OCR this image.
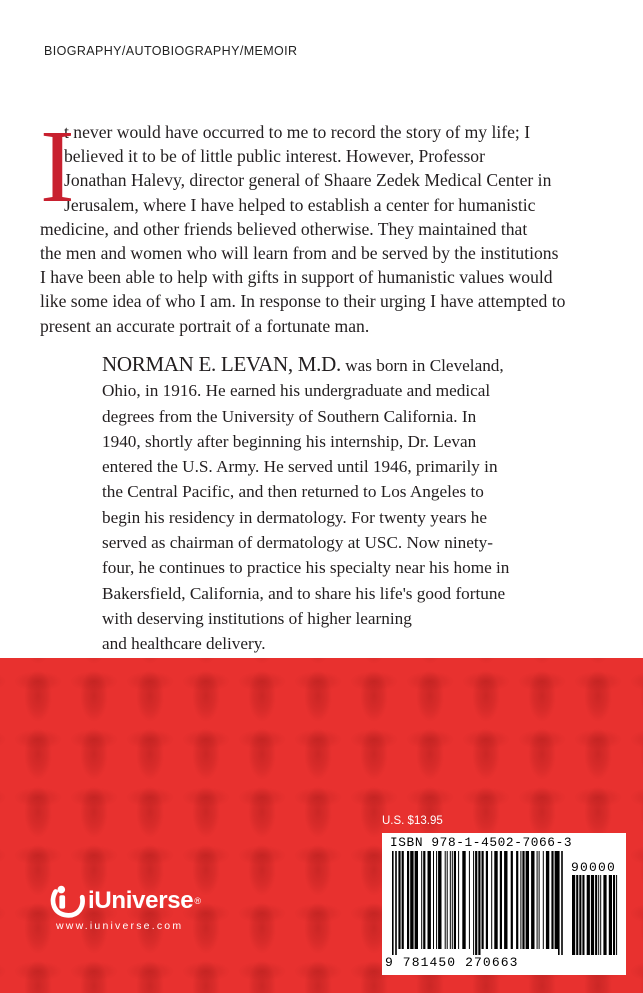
BIOGRAPHY/AUTOBIOGRAPHY/MEMOIR
I
t never would have occurred to me to record the story of my life; I
believed it to be of little public interest. However, Professor
Jonathan Halevy, director general of Shaare Zedek Medical Center in
Jerusalem, where I have helped to establish a center for humanistic
medicine, and other friends believed otherwise. They maintained that
the men and women who will learn from and be served by the institutions
I have been able to help with gifts in support of humanistic values would
like some idea of who I am. In response to their urging I have attempted to
present an accurate portrait of a fortunate man.
NORMAN E. LEVAN, M.D. was born in Cleveland,
Ohio, in 1916. He earned his undergraduate and medical
degrees from the University of Southern California. In
1940, shortly after beginning his internship, Dr. Levan
entered the U.S. Army. He served until 1946, primarily in
the Central Pacific, and then returned to Los Angeles to
begin his residency in dermatology. For twenty years he
served as chairman of dermatology at USC. Now ninety-
four, he continues to practice his specialty near his home in
Bakersfield, California, and to share his life's good fortune
with deserving institutions of higher learning
and healthcare delivery.
U.S. $13.95
ISBN 978-1-4502-7066-3
90000
9 781450 270663
iUniverse ®
www.iuniverse.com
